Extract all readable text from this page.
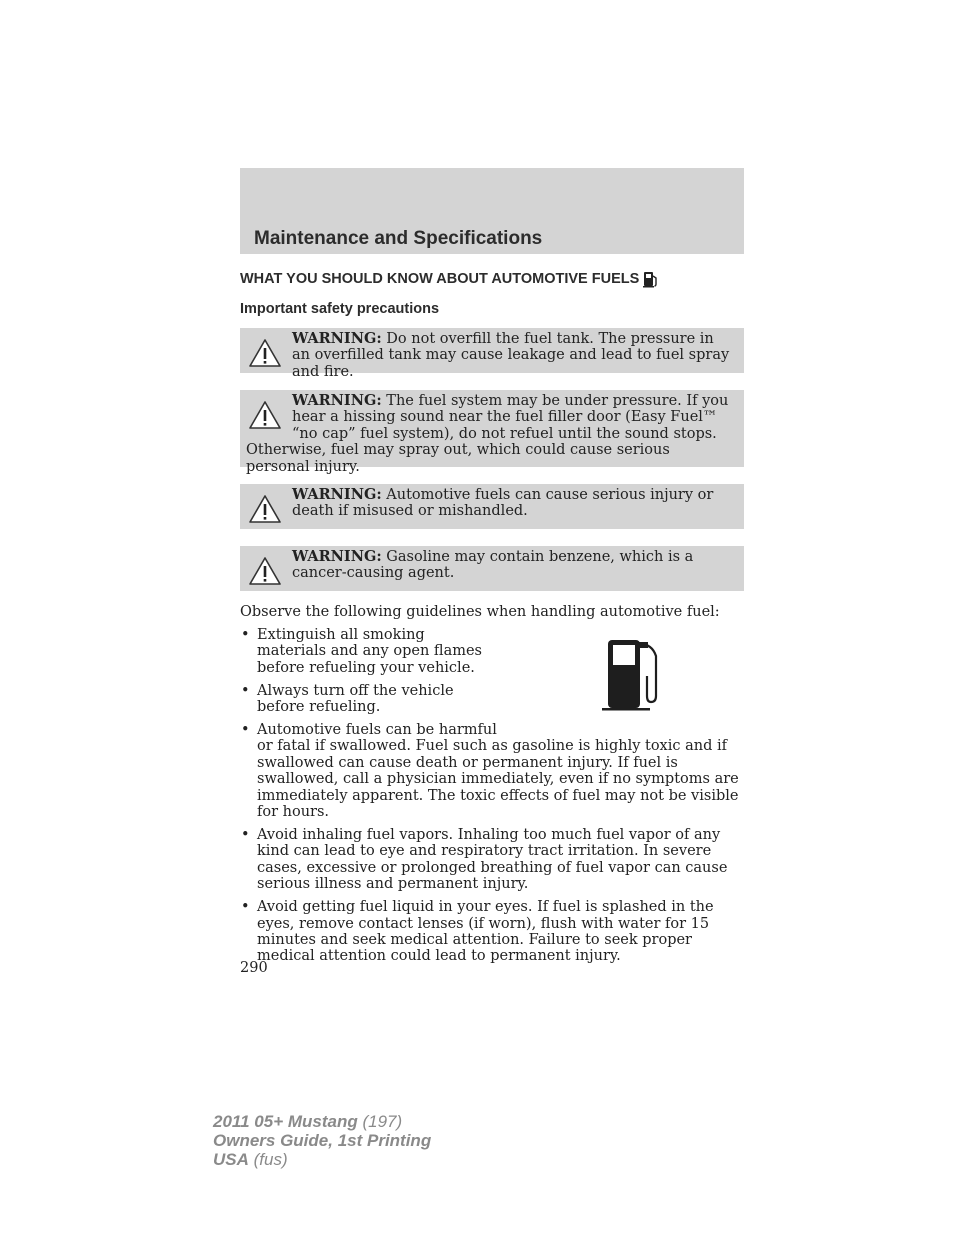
Maintenance and Specifications
WHAT YOU SHOULD KNOW ABOUT AUTOMOTIVE FUELS
Important safety precautions
WARNING: Do not overfill the fuel tank. The pressure in an overfilled tank may cause leakage and lead to fuel spray and fire.
WARNING: The fuel system may be under pressure. If you hear a hissing sound near the fuel filler door (Easy Fuel™ “no cap” fuel system), do not refuel until the sound stops. Otherwise, fuel may spray out, which could cause serious personal injury.
WARNING: Automotive fuels can cause serious injury or death if misused or mishandled.
WARNING: Gasoline may contain benzene, which is a cancer-causing agent.
Observe the following guidelines when handling automotive fuel:
• Extinguish all smoking materials and any open flames before refueling your vehicle.
• Always turn off the vehicle before refueling.
• Automotive fuels can be harmful
or fatal if swallowed. Fuel such as gasoline is highly toxic and if swallowed can cause death or permanent injury. If fuel is swallowed, call a physician immediately, even if no symptoms are immediately apparent. The toxic effects of fuel may not be visible for hours.
• Avoid inhaling fuel vapors. Inhaling too much fuel vapor of any kind can lead to eye and respiratory tract irritation. In severe cases, excessive or prolonged breathing of fuel vapor can cause serious illness and permanent injury.
• Avoid getting fuel liquid in your eyes. If fuel is splashed in the eyes, remove contact lenses (if worn), flush with water for 15 minutes and seek medical attention. Failure to seek proper medical attention could lead to permanent injury.
290
2011 05+ Mustang (197)
Owners Guide, 1st Printing
USA (fus)
